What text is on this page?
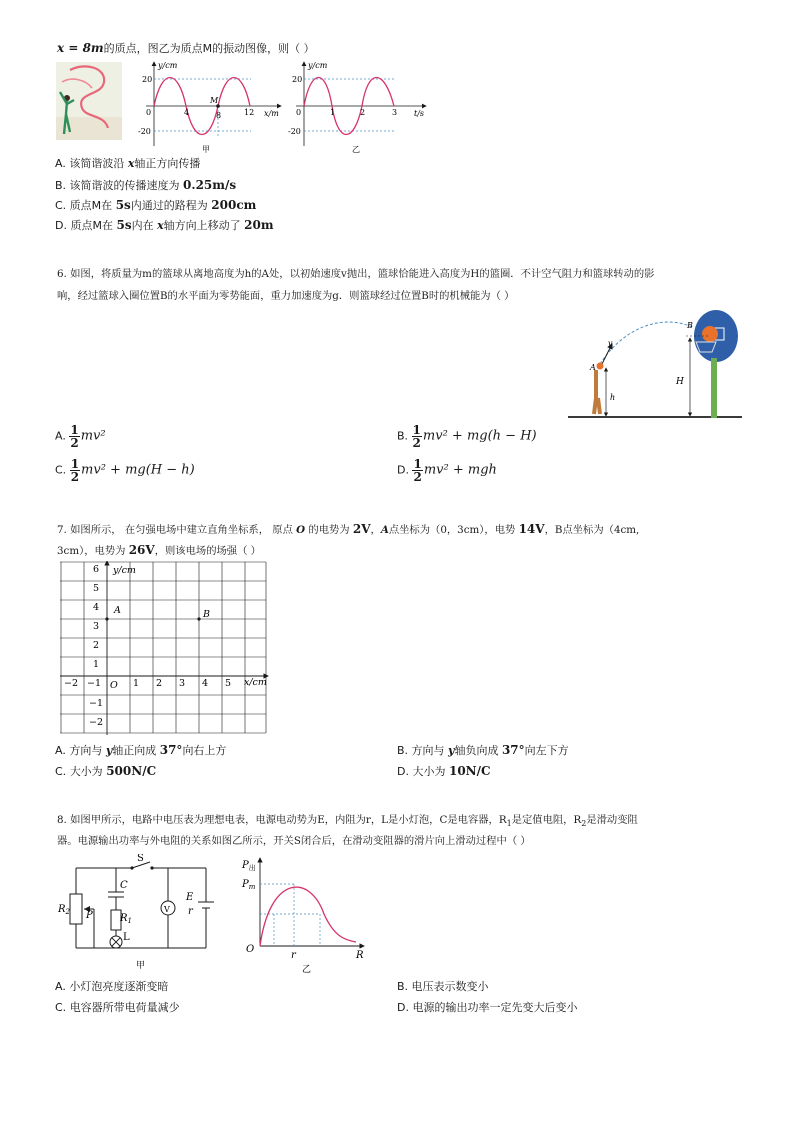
x = 8m的质点，图乙为质点M的振动图像，则（ ）
y/cm
x/m
20
-20
0	4	8	12
M
甲
y/cm
t/s
20
-20
0	1	2	3
乙
A. 该简谐波沿 x轴正方向传播
B. 该简谐波的传播速度为 0.25m/s
C. 质点M在 5s内通过的路程为 200cm
D. 质点M在 5s内在 x轴方向上移动了 20m
6. 如图，将质量为m的篮球从离地高度为h的A处，以初始速度v抛出，篮球恰能进入高度为H的篮圈．不计空气阻力和篮球转动的影
响，经过篮球入圈位置B的水平面为零势能面，重力加速度为g．则篮球经过位置B时的机械能为（ ）
A
B
v
h
H
A. $\frac{1}{2} mv^2$	B. $\frac{1}{2} mv^2 + mg(h - H)$
C. $\frac{1}{2} mv^2 + mg(H - h)$	D. $\frac{1}{2} mv^2$ + mgh
7. 如图所示， 在匀强电场中建立直角坐标系， 原点 O 的电势为 2V，A点坐标为（0，3cm），电势 14V，B点坐标为（4cm,
3cm），电势为 26V，则该电场的场强（ ）
y/cm
x/cm
O
A	B
6
5
4
3
2
1
−1
−2
−2 −1	1 2 3 4 5
A. 方向与 y轴正向成 37°向右上方	B. 方向与 y轴负向成 37°向左下方
C. 大小为 500N/C	D. 大小为 10N/C
8. 如图甲所示，电路中电压表为理想电表，电源电动势为E，内阻为r，L是小灯泡，C是电容器，$R_1$是定值电阻，$R_2$是滑动变阻
器。电源输出功率与外电阻的关系如图乙所示，开关S闭合后，在滑动变阻器的滑片向上滑动过程中（ ）
S
C
$R_1$
$R_2$ P
L
V
E
r
甲
$P_出$
$P_m$
O
r	R
乙
A. 小灯泡亮度逐渐变暗	B. 电压表示数变小
C. 电容器所带电荷量减少	D. 电源的输出功率一定先变大后变小
